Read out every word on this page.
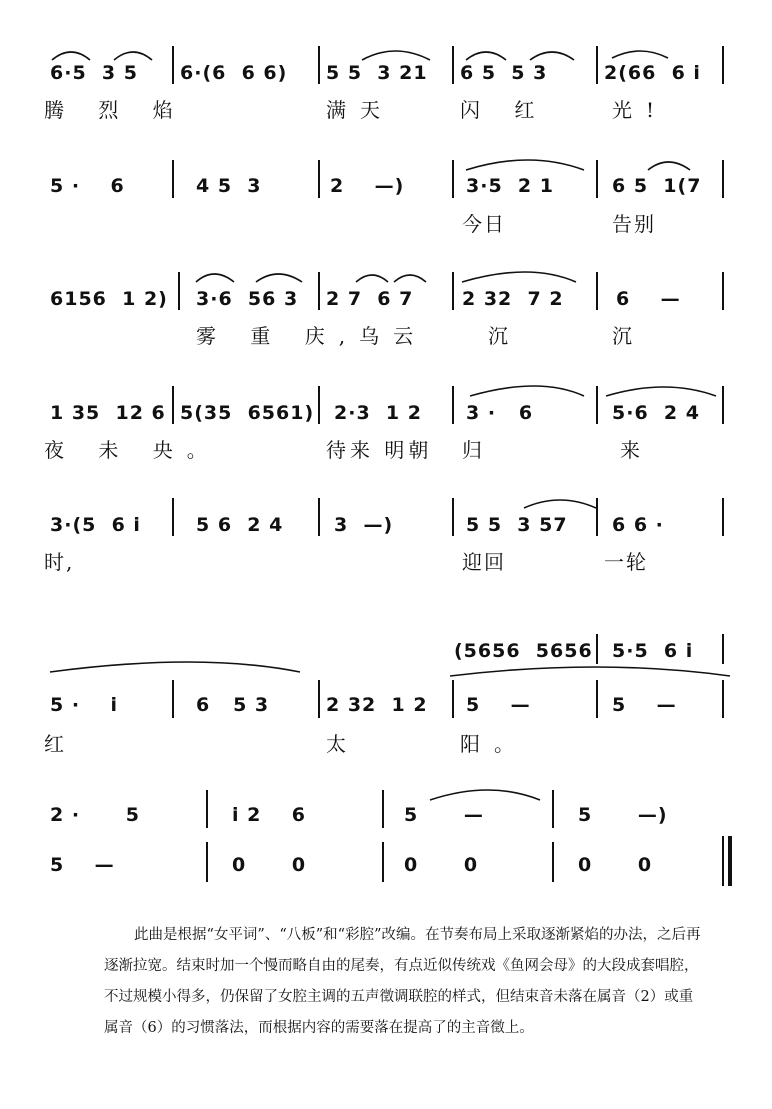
6·5  3 5 6·(6  6 6) 5 5  3 21 6 5  5 3	2(66  6 i
腾 烈 焰	满天	闪 红	光!
5 ·    6	4 5  3	2    —)	3·5  2 1	6 5  1(7
今日	告别
6156  1 2) 3·6  56 3 2 7  6 7	2 32  7 2	6    —
雾 重 庆,乌云	沉	沉
1 35  12 6 5(35  6561) 2·3  1 2 3 ·   6	5·6  2 4
夜 未 央。	待来 明朝 归	来
3·(5  6 i	5 6  2 4	3  —)	5 5  3 57 6 6 ·
时,	迎回	一轮
(5656  5656 5·5  6 i
5 ·    i	6   5 3	2 32  1 2 5    —	5    —
红	太	阳。
2 ·      5	i 2    6	5      —	5      —)
5    —	0      0	0      0	0      0
此曲是根据“女平词”、“八板”和“彩腔”改编。在节奏布局上采取逐渐紧焰的办法，之后再逐渐拉宽。结束时加一个慢而略自由的尾奏，有点近似传统戏《鱼网会母》的大段成套唱腔，不过规模小得多，仍保留了女腔主调的五声徵调联腔的样式，但结束音未落在属音（2）或重属音（6）的习惯落法，而根据内容的需要落在提高了的主音徵上。
